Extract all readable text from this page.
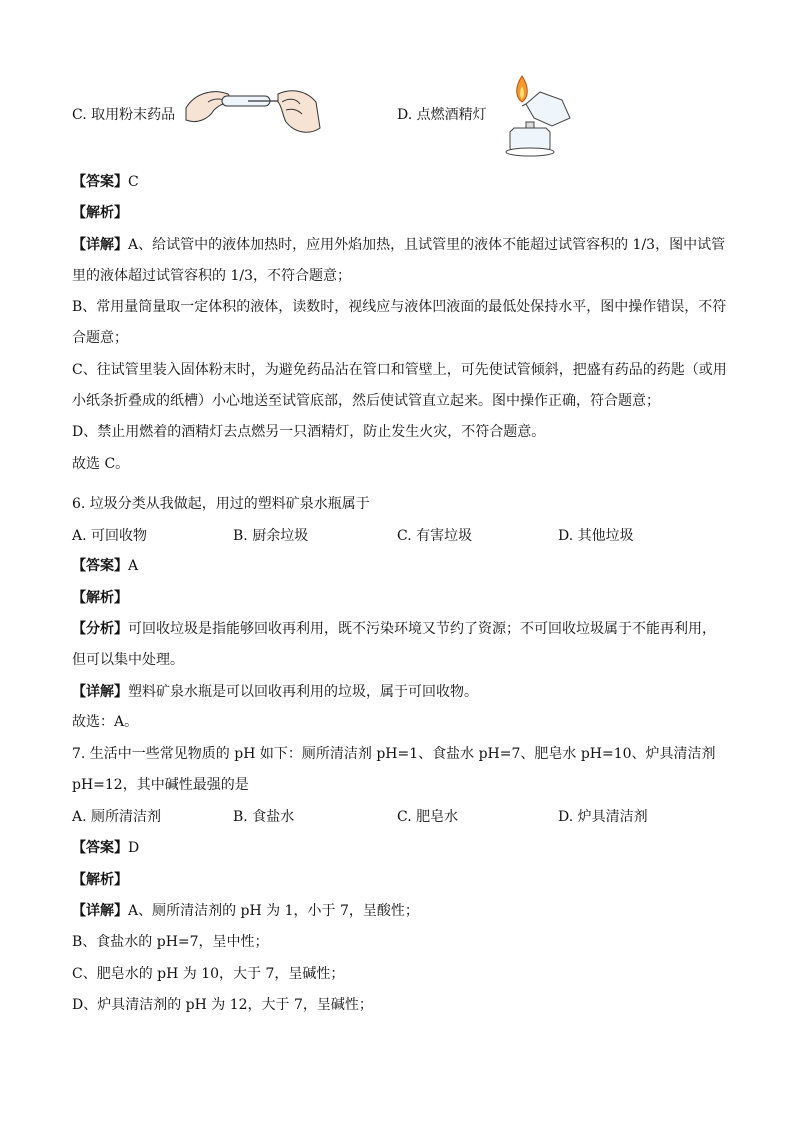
C. 取用粉末药品	D. 点燃酒精灯
【答案】C
【解析】
【详解】A、给试管中的液体加热时，应用外焰加热，且试管里的液体不能超过试管容积的 1/3，图中试管
里的液体超过试管容积的 1/3，不符合题意；
B、常用量筒量取一定体积的液体，读数时，视线应与液体凹液面的最低处保持水平，图中操作错误，不符
合题意；
C、往试管里装入固体粉末时，为避免药品沾在管口和管壁上，可先使试管倾斜，把盛有药品的药匙（或用
小纸条折叠成的纸槽）小心地送至试管底部，然后使试管直立起来。图中操作正确，符合题意；
D、禁止用燃着的酒精灯去点燃另一只酒精灯，防止发生火灾，不符合题意。
故选 C。
6. 垃圾分类从我做起，用过的塑料矿泉水瓶属于
A. 可回收物	B. 厨余垃圾	C. 有害垃圾	D. 其他垃圾
【答案】A
【解析】
【分析】可回收垃圾是指能够回收再利用，既不污染环境又节约了资源；不可回收垃圾属于不能再利用，
但可以集中处理。
【详解】塑料矿泉水瓶是可以回收再利用的垃圾，属于可回收物。
故选：A。
7. 生活中一些常见物质的 pH 如下：厕所清洁剂 pH=1、食盐水 pH=7、肥皂水 pH=10、炉具清洁剂
pH=12，其中碱性最强的是
A. 厕所清洁剂	B. 食盐水	C. 肥皂水	D. 炉具清洁剂
【答案】D
【解析】
【详解】A、厕所清洁剂的 pH 为 1，小于 7，呈酸性；
B、食盐水的 pH=7，呈中性；
C、肥皂水的 pH 为 10，大于 7，呈碱性；
D、炉具清洁剂的 pH 为 12，大于 7，呈碱性；
